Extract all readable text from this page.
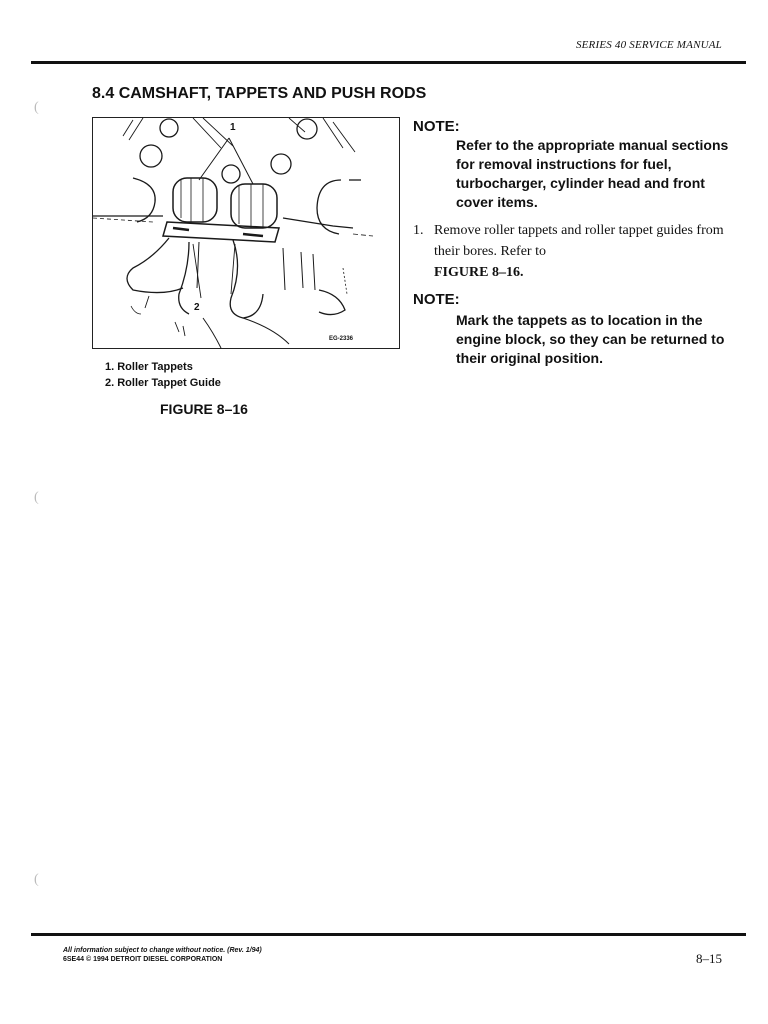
SERIES 40 SERVICE MANUAL
8.4 CAMSHAFT, TAPPETS AND PUSH RODS
1
2
EG-2336
1. Roller Tappets
2. Roller Tappet Guide
FIGURE 8–16
NOTE:
Refer to the appropriate manual sections for removal instructions for fuel, turbocharger, cylinder head and front cover items.
1. Remove roller tappets and roller tappet guides from their bores. Refer to
FIGURE 8–16.
NOTE:
Mark the tappets as to location in the engine block, so they can be returned to their original position.
All information subject to change without notice. (Rev. 1/94)
6SE44 © 1994 DETROIT DIESEL CORPORATION	8–15
(
(
(
